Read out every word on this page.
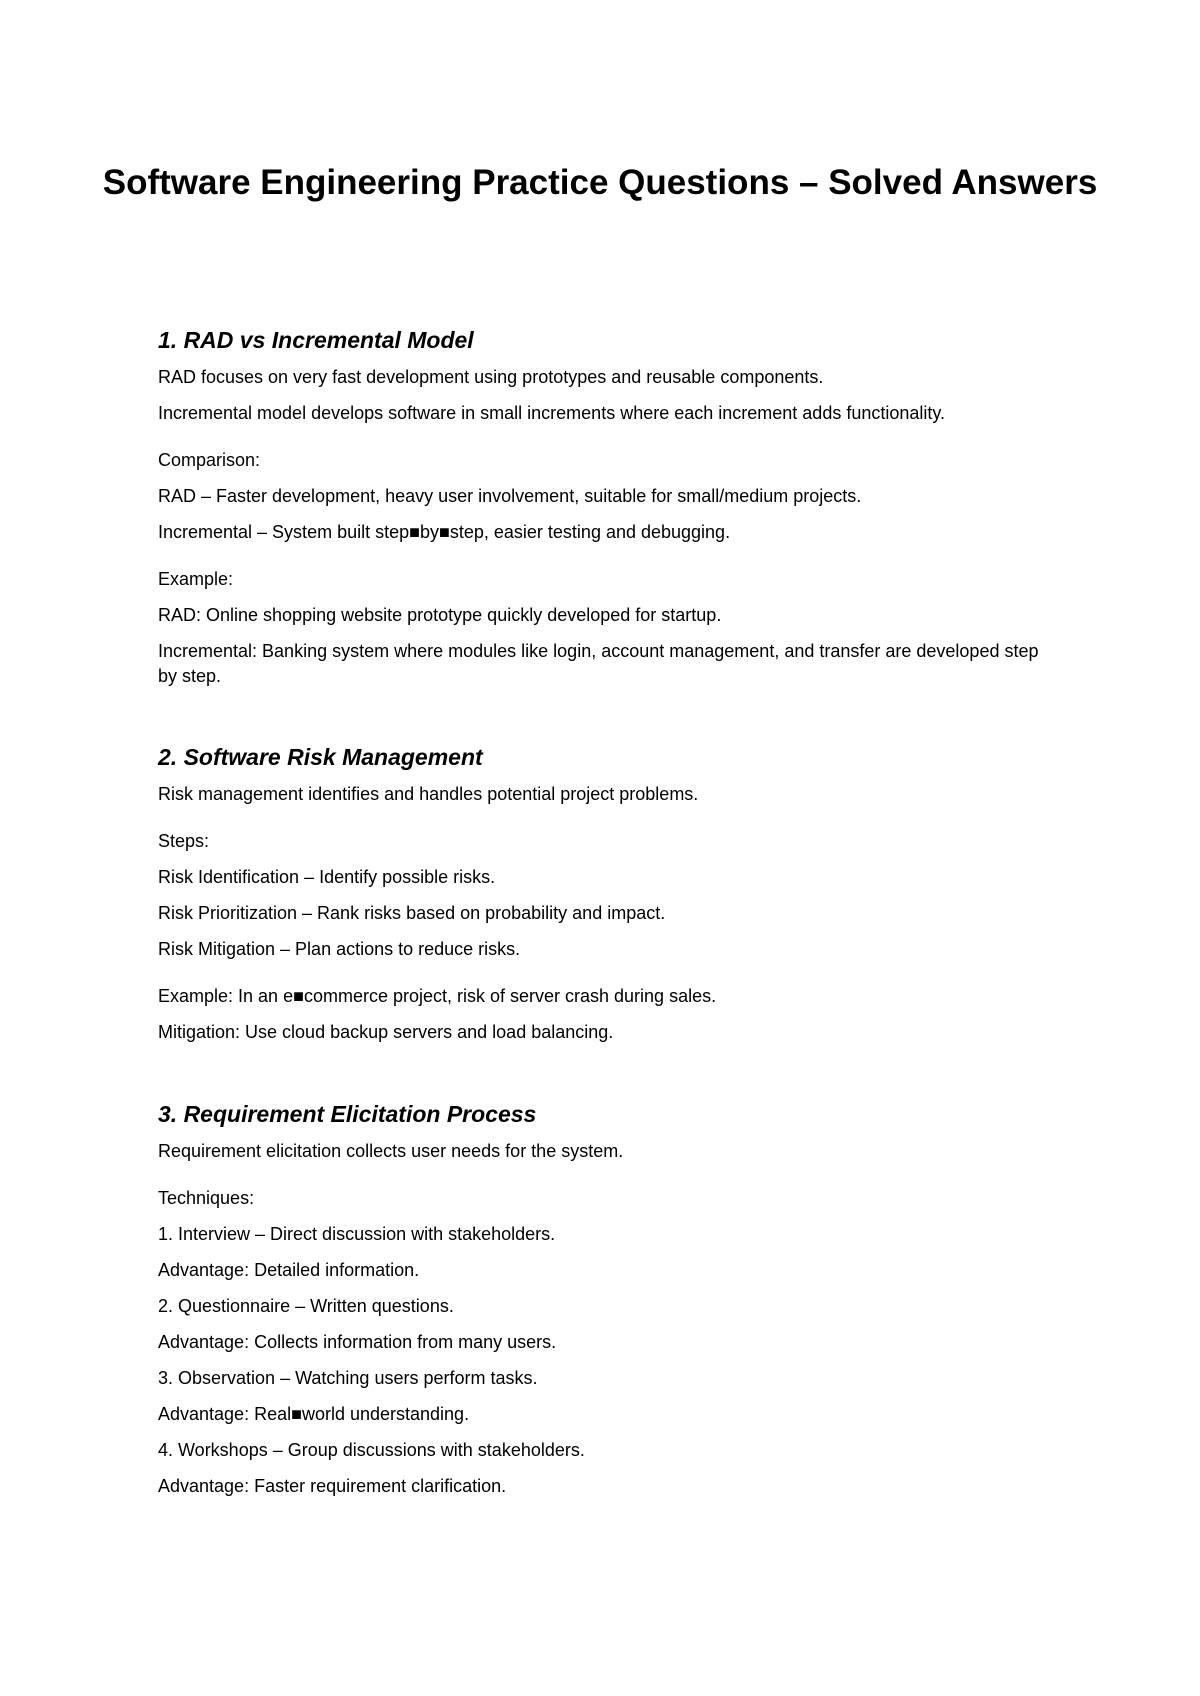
Software Engineering Practice Questions – Solved Answers
1. RAD vs Incremental Model

RAD focuses on very fast development using prototypes and reusable components.

Incremental model develops software in small increments where each increment adds functionality.

Comparison:

RAD – Faster development, heavy user involvement, suitable for small/medium projects.

Incremental – System built step■by■step, easier testing and debugging.

Example:

RAD: Online shopping website prototype quickly developed for startup.

Incremental: Banking system where modules like login, account management, and transfer are developed step by step.

2. Software Risk Management

Risk management identifies and handles potential project problems.

Steps:

Risk Identification – Identify possible risks.

Risk Prioritization – Rank risks based on probability and impact.

Risk Mitigation – Plan actions to reduce risks.

Example: In an e■commerce project, risk of server crash during sales.

Mitigation: Use cloud backup servers and load balancing.

3. Requirement Elicitation Process

Requirement elicitation collects user needs for the system.

Techniques:

1. Interview – Direct discussion with stakeholders.

Advantage: Detailed information.

2. Questionnaire – Written questions.

Advantage: Collects information from many users.

3. Observation – Watching users perform tasks.

Advantage: Real■world understanding.

4. Workshops – Group discussions with stakeholders.

Advantage: Faster requirement clarification.
